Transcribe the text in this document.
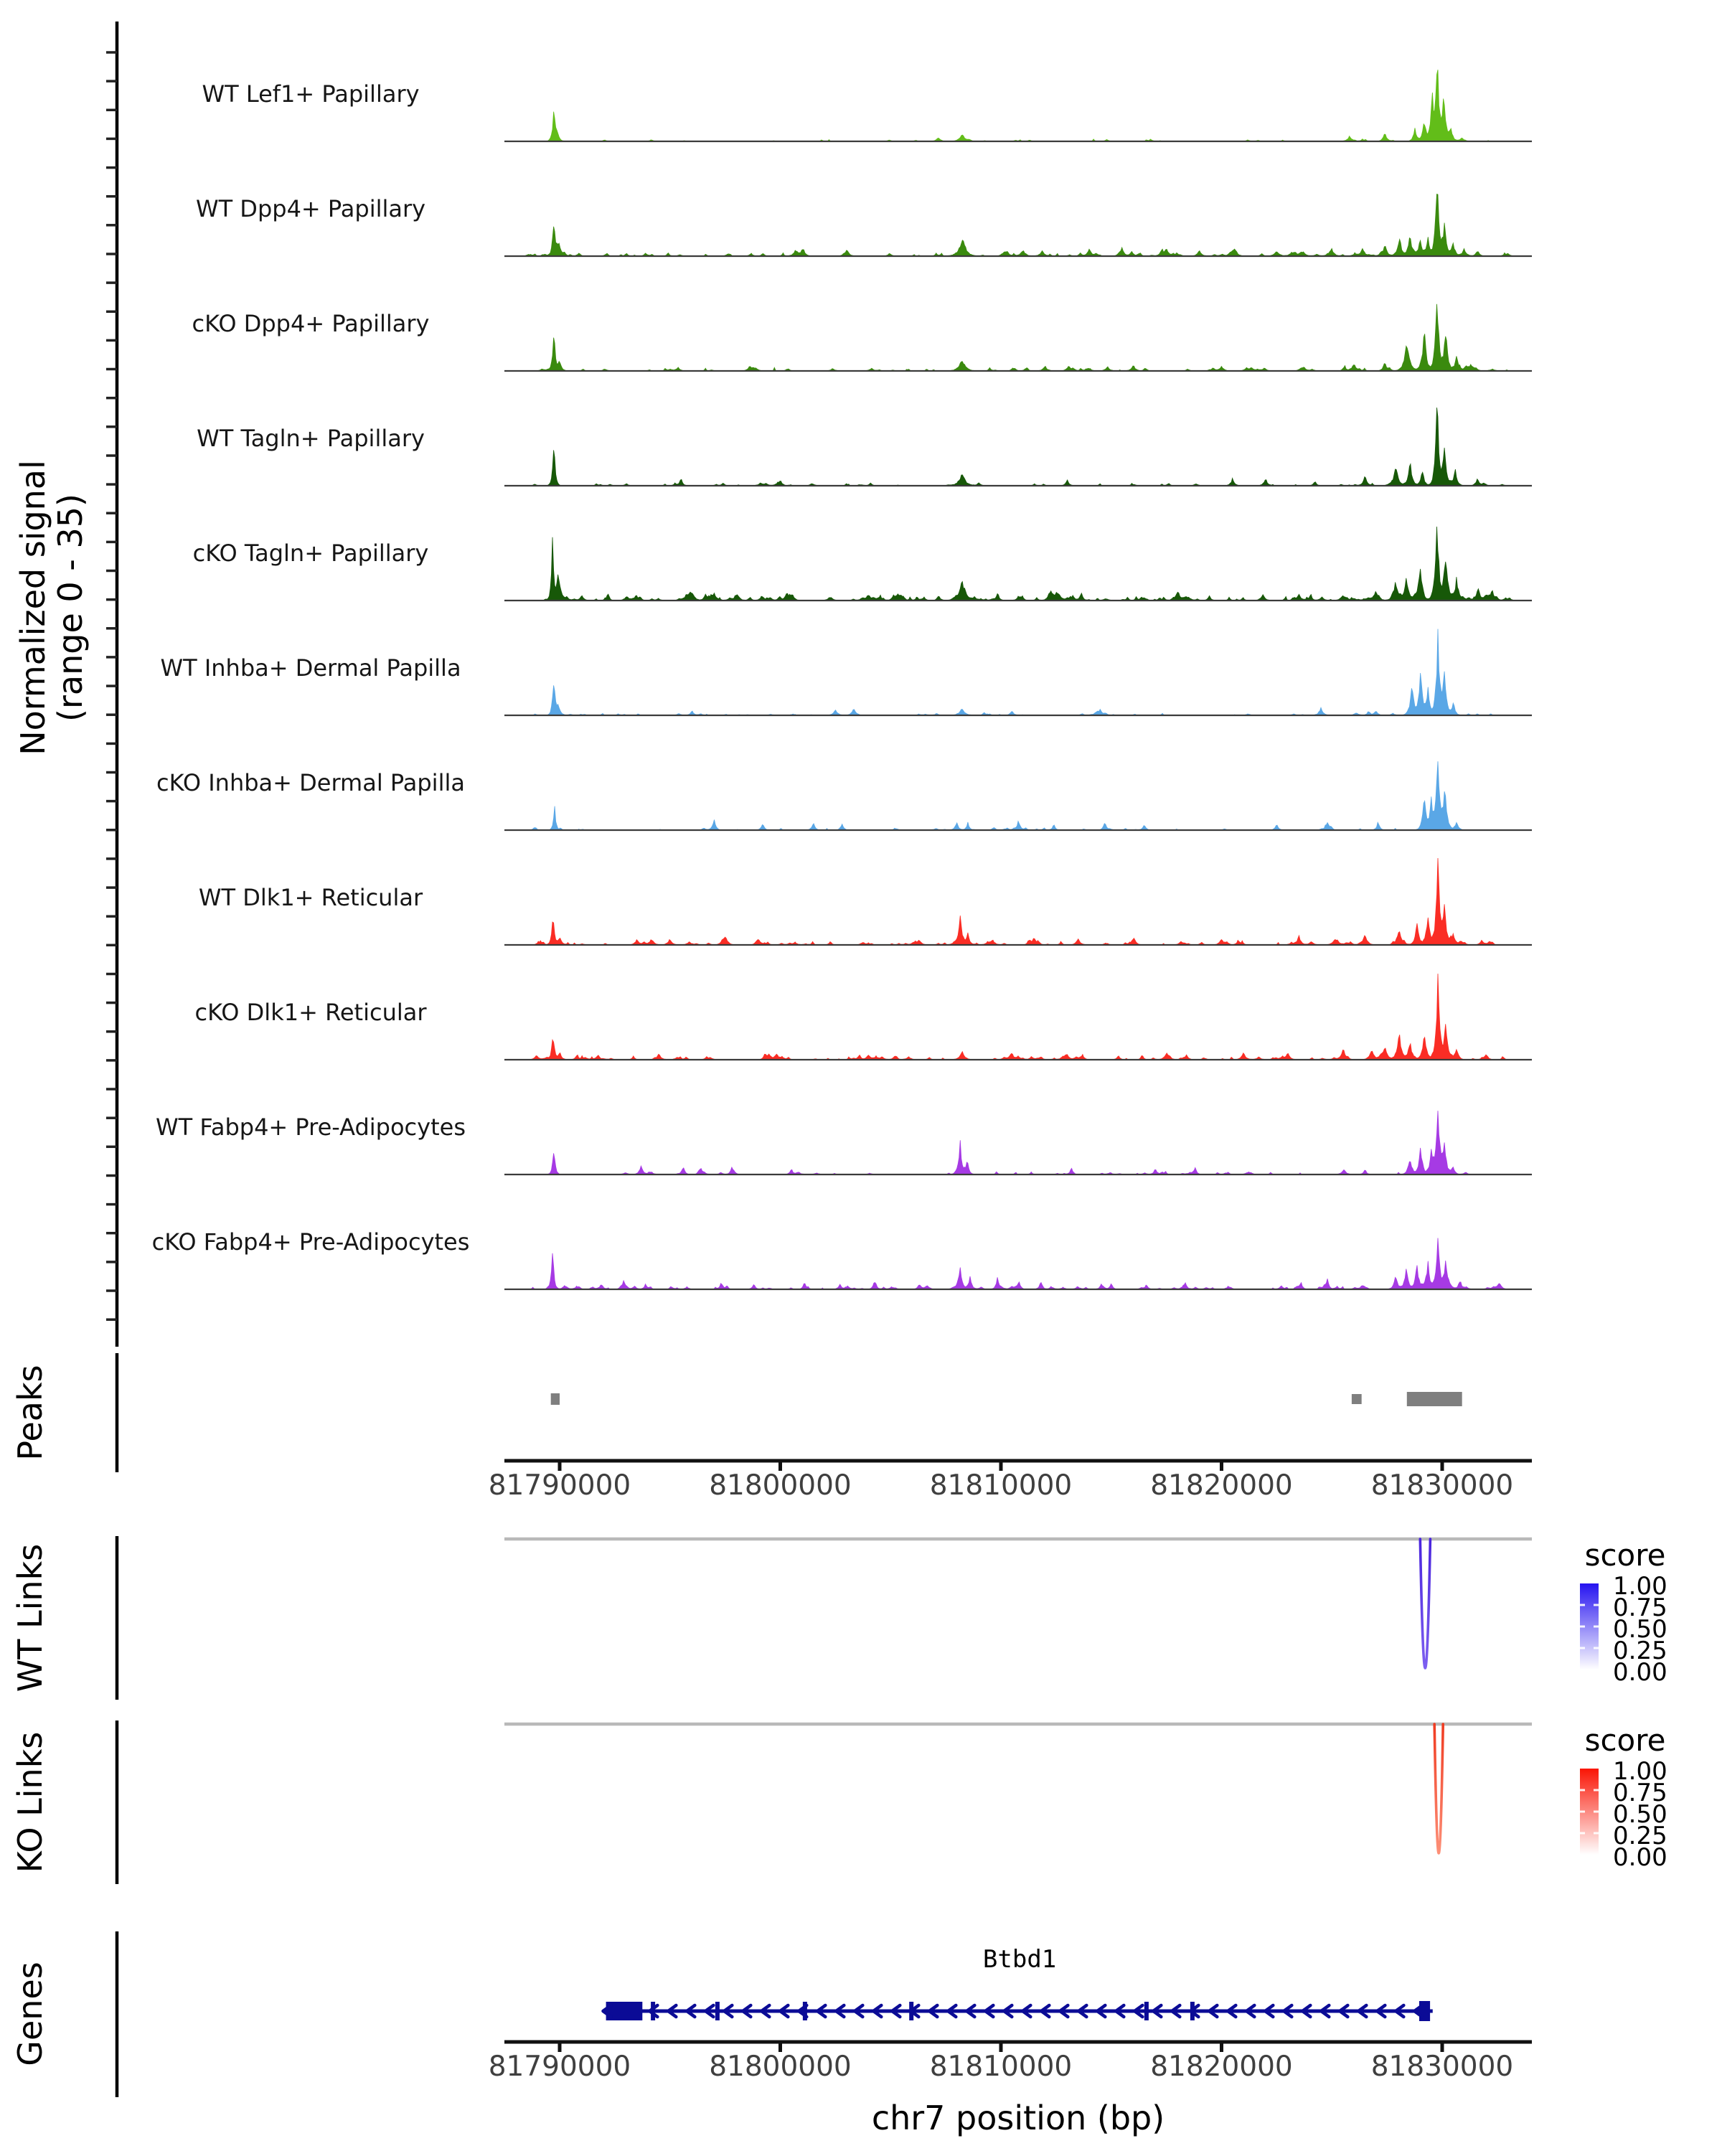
Normalized signal
(range 0 - 35)
WT Lef1+ Papillary
WT Dpp4+ Papillary
cKO Dpp4+ Papillary
WT Tagln+ Papillary
cKO Tagln+ Papillary
WT Inhba+ Dermal Papilla
cKO Inhba+ Dermal Papilla
WT Dlk1+ Reticular
cKO Dlk1+ Reticular
WT Fabp4+ Pre-Adipocytes
cKO Fabp4+ Pre-Adipocytes
Peaks
81790000	81800000	81810000	81820000	81830000
WT Links	1.00
0.75
0.50
0.25
0.00
score
KO Links	1.00
0.75
0.50
0.25
0.00
score
Genes
Btbd1
81790000	81800000	81810000	81820000	81830000
chr7 position (bp)
